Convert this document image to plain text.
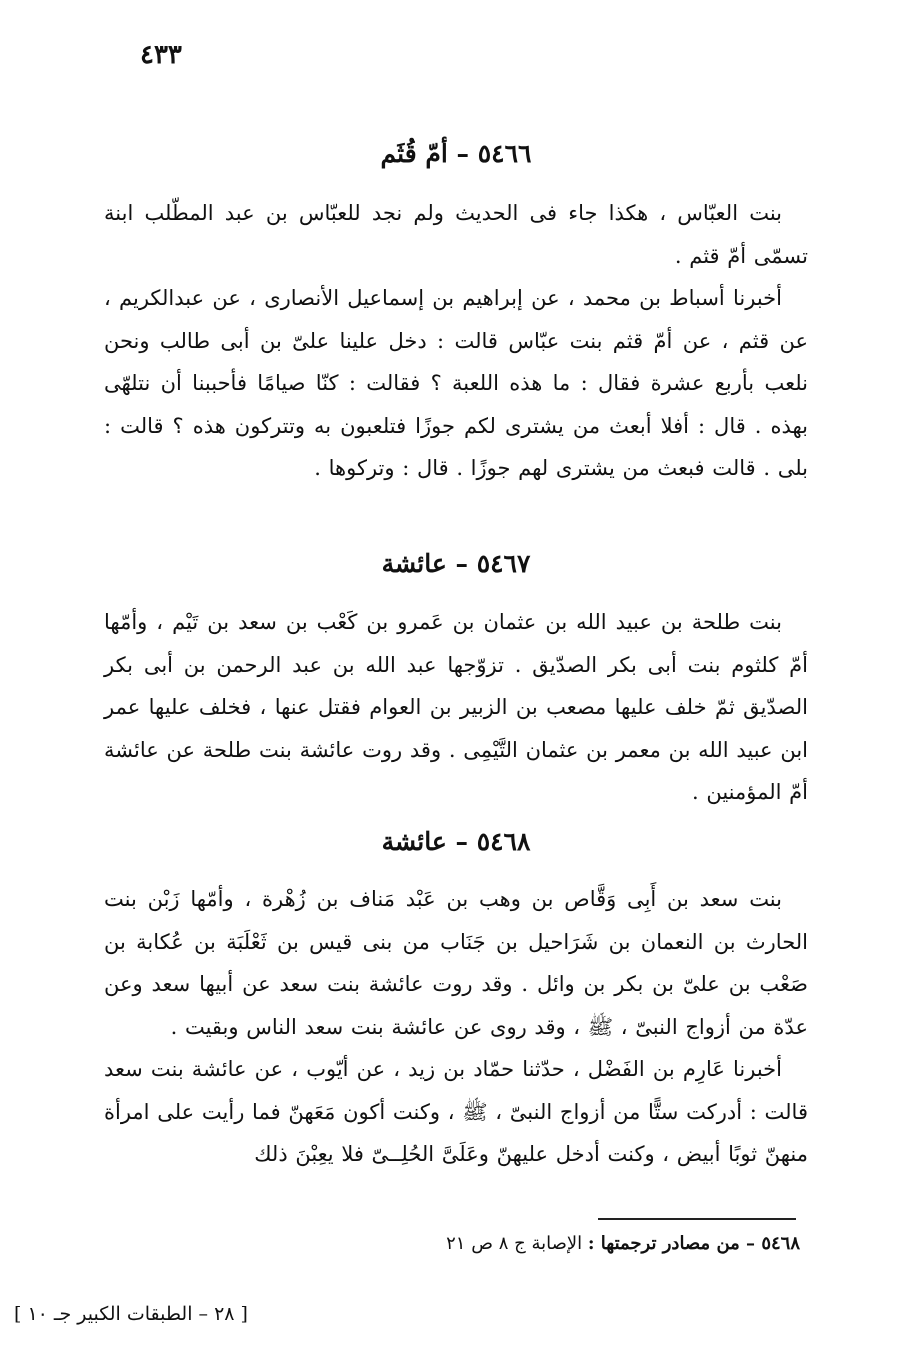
٤٣٣
٥٤٦٦ – أمّ قُثَم

بنت العبّاس ، هكذا جاء فى الحديث ولم نجد للعبّاس بن عبد المطّلب ابنة تسمّى أمّ قثم .

أخبرنا أسباط بن محمد ، عن إبراهيم بن إسماعيل الأنصارى ، عن عبدالكريم ، عن قثم ، عن أمّ قثم بنت عبّاس قالت : دخل علينا علىّ بن أبى طالب ونحن نلعب بأربع عشرة فقال : ما هذه اللعبة ؟ فقالت : كنّا صيامًا فأحببنا أن نتلهّى بهذه . قال : أفلا أبعث من يشترى لكم جوزًا فتلعبون به وتتركون هذه ؟ قالت : بلى . قالت فبعث من يشترى لهم جوزًا . قال : وتركوها .

٥٤٦٧ – عائشة

بنت طلحة بن عبيد الله بن عثمان بن عَمرو بن كَعْب بن سعد بن تَيْم ، وأمّها أمّ كلثوم بنت أبى بكر الصدّيق . تزوّجها عبد الله بن عبد الرحمن بن أبى بكر الصدّيق ثمّ خلف عليها مصعب بن الزبير بن العوام فقتل عنها ، فخلف عليها عمر ابن عبيد الله بن معمر بن عثمان التَّيْمِى . وقد روت عائشة بنت طلحة عن عائشة أمّ المؤمنين .

٥٤٦٨ – عائشة

بنت سعد بن أَبِى وَقَّاص بن وهب بن عَبْد مَناف بن زُهْرة ، وأمّها زَبْن بنت الحارث بن النعمان بن شَرَاحيل بن جَنَاب من بنى قيس بن ثَعْلَبَة بن عُكابة بن صَعْب بن علىّ بن بكر بن وائل . وقد روت عائشة بنت سعد عن أبيها سعد وعن عدّة من أزواج النبىّ ، ﷺ ، وقد روى عن عائشة بنت سعد الناس وبقيت .

أخبرنا عَارِم بن الفَضْل ، حدّثنا حمّاد بن زيد ، عن أيّوب ، عن عائشة بنت سعد قالت : أدركت ستًّا من أزواج النبىّ ، ﷺ ، وكنت أكون مَعَهنّ فما رأيت على امرأة منهنّ ثوبًا أبيض ، وكنت أدخل عليهنّ وعَلَىَّ الحُلِــىّ فلا يعِبْنَ ذلك

٥٤٦٨ – من مصادر ترجمتها : الإصابة ج ٨ ص ٢١
[ ٢٨ – الطبقات الكبير جـ ١٠ ]
